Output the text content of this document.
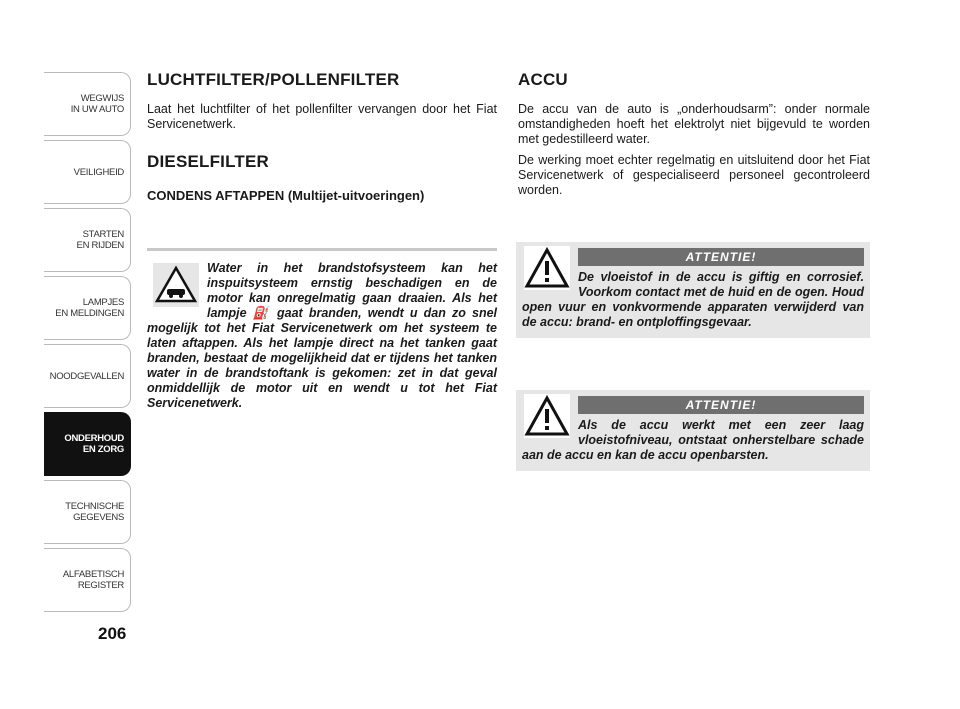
WEGWIJS
IN UW AUTO
VEILIGHEID
STARTEN
EN RIJDEN
LAMPJES
EN MELDINGEN
NOODGEVALLEN
ONDERHOUD
EN ZORG
TECHNISCHE
GEGEVENS
ALFABETISCH
REGISTER
206
LUCHTFILTER/POLLENFILTER

Laat het luchtfilter of het pollenfilter vervangen door het Fiat Servicenetwerk.

DIESELFILTER

CONDENS AFTAPPEN (Multijet-uitvoeringen)

Water in het brandstofsysteem kan het inspuitsysteem ernstig beschadigen en de motor kan onregelmatig gaan draaien. Als het lampje ⛽ gaat branden, wendt u dan zo snel mogelijk tot het Fiat Servicenetwerk om het systeem te laten aftappen. Als het lampje direct na het tanken gaat branden, bestaat de mogelijkheid dat er tijdens het tanken water in de brandstoftank is gekomen: zet in dat geval onmiddellijk de motor uit en wendt u tot het Fiat Servicenetwerk.
ACCU

De accu van de auto is „onderhoudsarm”: onder normale omstandigheden hoeft het elektrolyt niet bijgevuld te worden met gedestilleerd water.

De werking moet echter regelmatig en uitsluitend door het Fiat Servicenetwerk of gespecialiseerd personeel gecontroleerd worden.

ATTENTIE!
De vloeistof in de accu is giftig en corrosief. Voorkom contact met de huid en de ogen. Houd open vuur en vonkvormende apparaten verwijderd van de accu: brand- en ontploffingsgevaar.
ATTENTIE!
Als de accu werkt met een zeer laag vloeistofniveau, ontstaat onherstelbare schade aan de accu en kan de accu openbarsten.
